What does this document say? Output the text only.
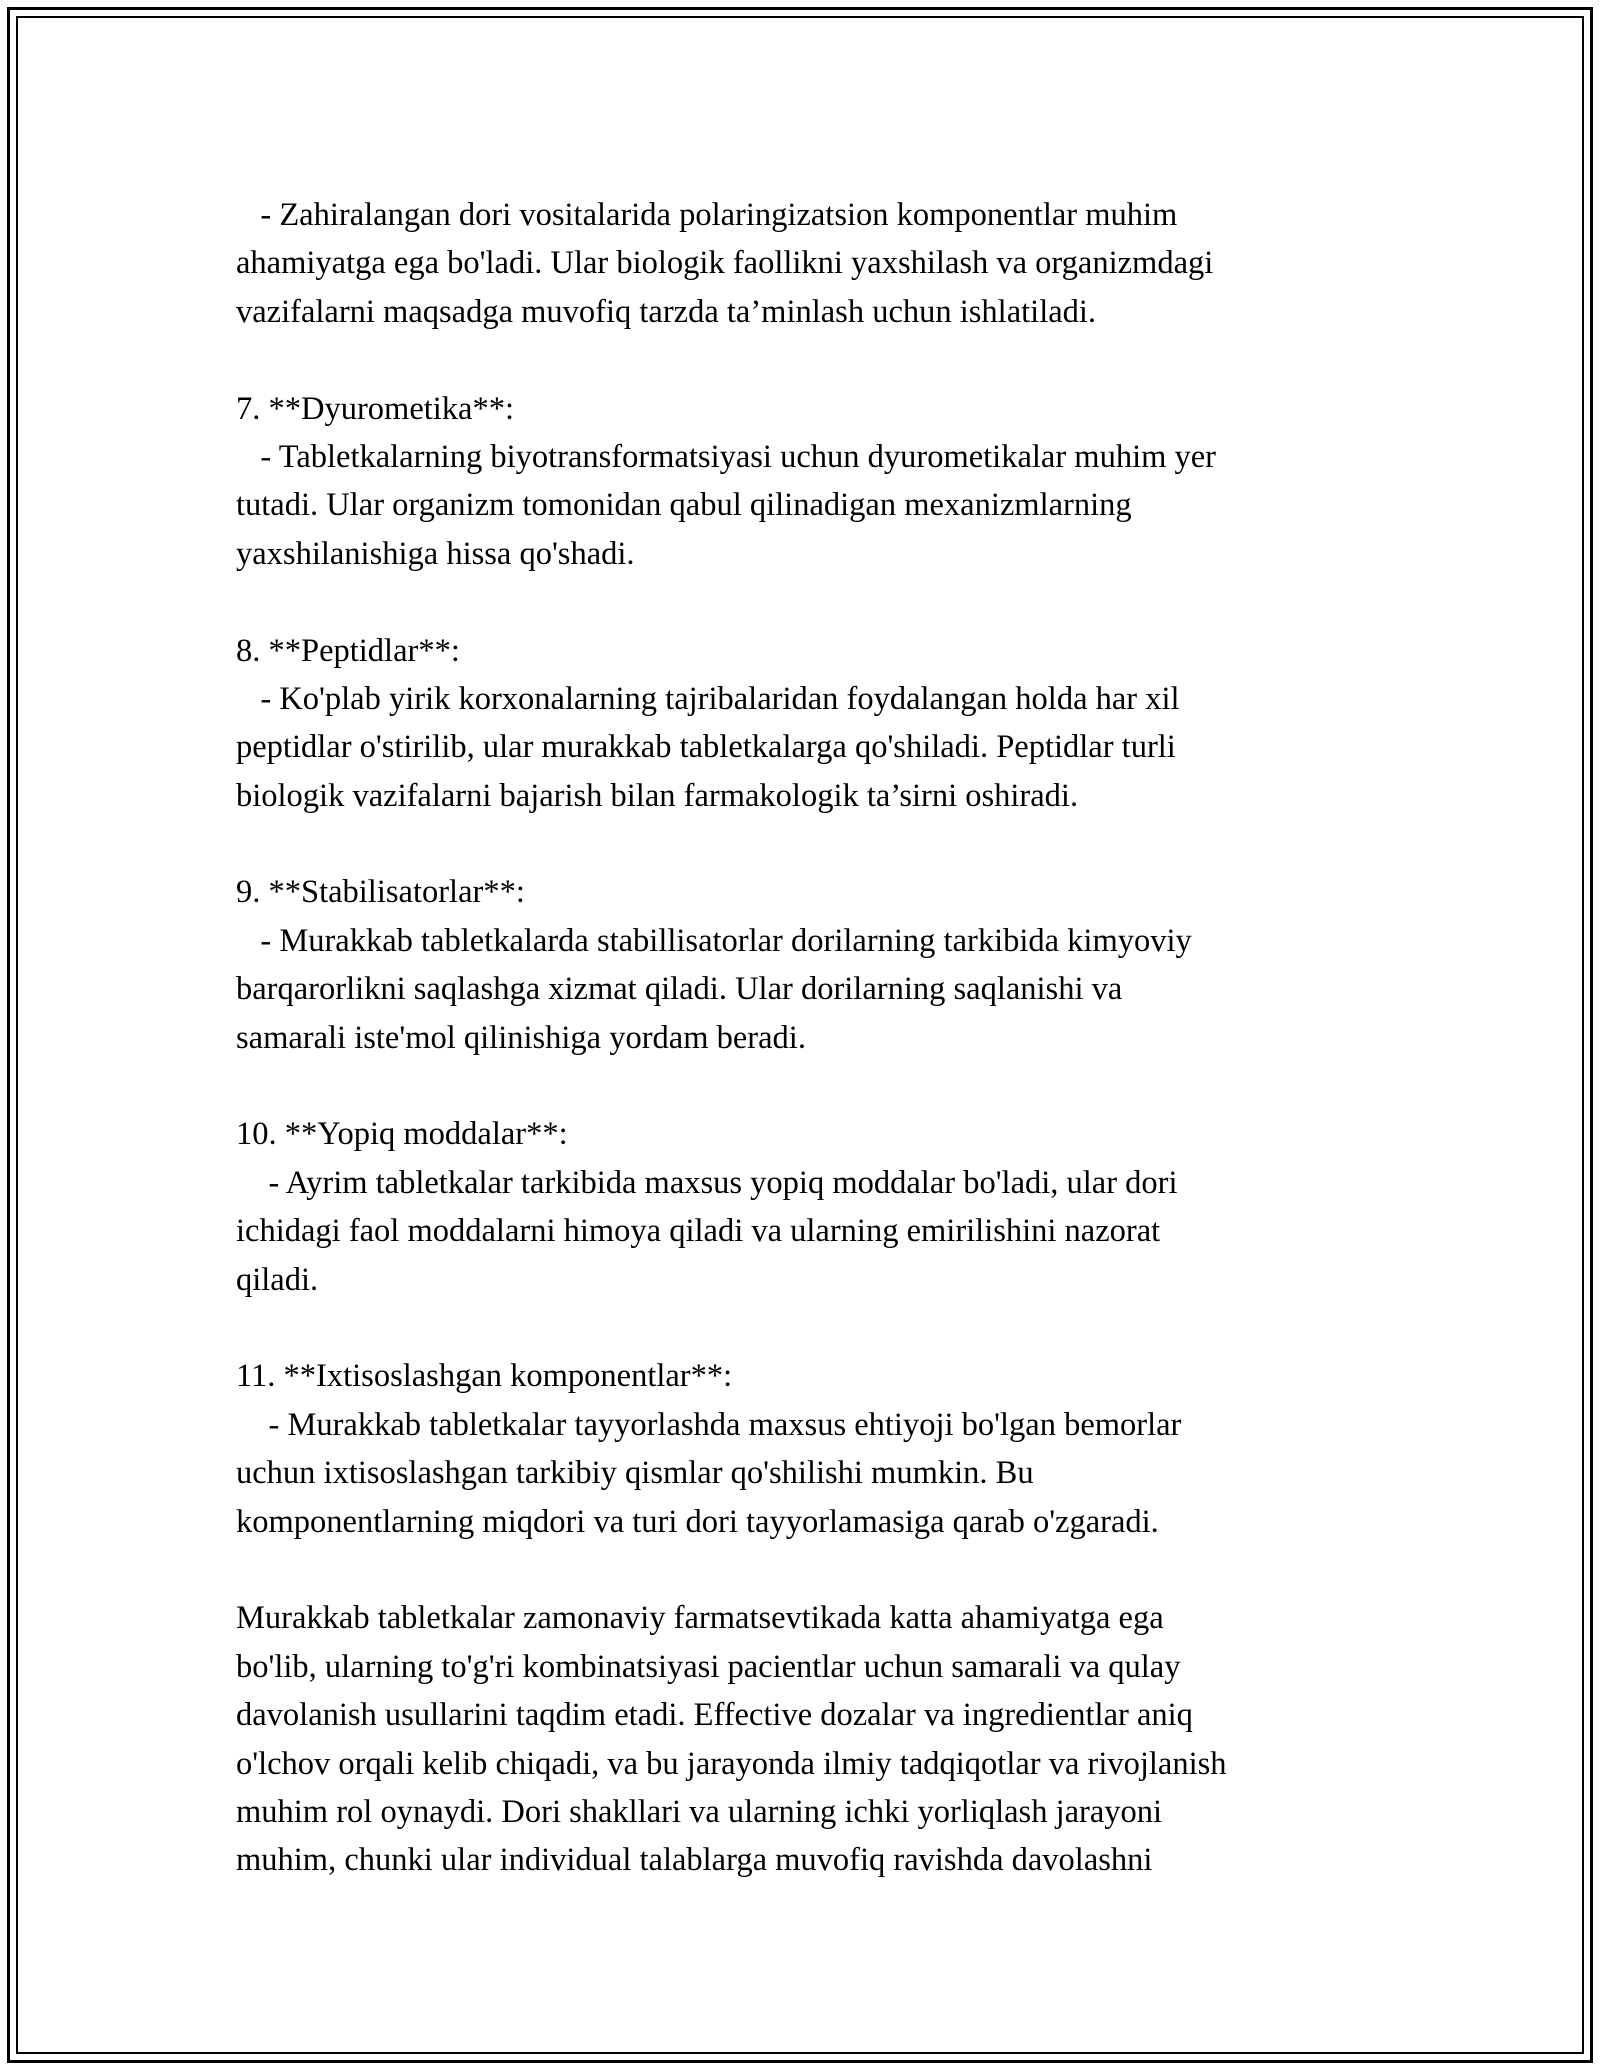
- Zahiralangan dori vositalarida polaringizatsion komponentlar muhim
ahamiyatga ega bo'ladi. Ular biologik faollikni yaxshilash va organizmdagi
vazifalarni maqsadga muvofiq tarzda ta’minlash uchun ishlatiladi.
7. **Dyurometika**:
- Tabletkalarning biyotransformatsiyasi uchun dyurometikalar muhim yer
tutadi. Ular organizm tomonidan qabul qilinadigan mexanizmlarning
yaxshilanishiga hissa qo'shadi.
8. **Peptidlar**:
- Ko'plab yirik korxonalarning tajribalaridan foydalangan holda har xil
peptidlar o'stirilib, ular murakkab tabletkalarga qo'shiladi. Peptidlar turli
biologik vazifalarni bajarish bilan farmakologik ta’sirni oshiradi.
9. **Stabilisatorlar**:
- Murakkab tabletkalarda stabillisatorlar dorilarning tarkibida kimyoviy
barqarorlikni saqlashga xizmat qiladi. Ular dorilarning saqlanishi va
samarali iste'mol qilinishiga yordam beradi.
10. **Yopiq moddalar**:
- Ayrim tabletkalar tarkibida maxsus yopiq moddalar bo'ladi, ular dori
ichidagi faol moddalarni himoya qiladi va ularning emirilishini nazorat
qiladi.
11. **Ixtisoslashgan komponentlar**:
- Murakkab tabletkalar tayyorlashda maxsus ehtiyoji bo'lgan bemorlar
uchun ixtisoslashgan tarkibiy qismlar qo'shilishi mumkin. Bu
komponentlarning miqdori va turi dori tayyorlamasiga qarab o'zgaradi.
Murakkab tabletkalar zamonaviy farmatsevtikada katta ahamiyatga ega
bo'lib, ularning to'g'ri kombinatsiyasi pacientlar uchun samarali va qulay
davolanish usullarini taqdim etadi. Effective dozalar va ingredientlar aniq
o'lchov orqali kelib chiqadi, va bu jarayonda ilmiy tadqiqotlar va rivojlanish
muhim rol oynaydi. Dori shakllari va ularning ichki yorliqlash jarayoni
muhim, chunki ular individual talablarga muvofiq ravishda davolashni
